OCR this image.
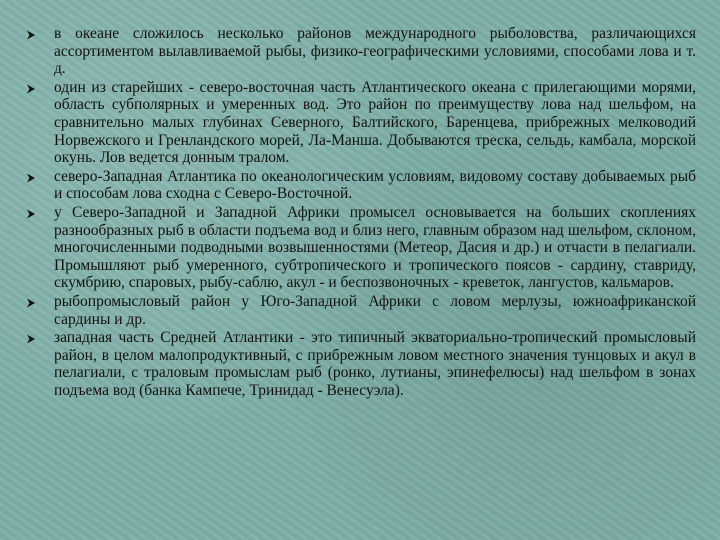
в океане сложилось несколько районов международного рыболовства, различающихся ассортиментом вылавливаемой рыбы, физико-географическими условиями, способами лова и т. д.
один из старейших - северо-восточная часть Атлантического океана с прилегающими морями, область субполярных и умеренных вод. Это район по преимуществу лова над шельфом, на сравнительно малых глубинах Северного, Балтийского, Баренцева, прибрежных мелководий Норвежского и Гренландского морей, Ла-Манша. Добываются треска, сельдь, камбала, морской окунь. Лов ведется донным тралом.
северо-Западная Атлантика по океанологическим условиям, видовому составу добываемых рыб и способам лова сходна с Северо-Восточной.
у Северо-Западной и Западной Африки промысел основывается на больших скоплениях разнообразных рыб в области подъема вод и близ него, главным образом над шельфом, склоном, многочисленными подводными возвышенностями (Метеор, Дасия и др.) и отчасти в пелагиали. Промышляют рыб умеренного, субтропического и тропического поясов - сардину, ставриду, скумбрию, спаровых, рыбу-саблю, акул - и беспозвоночных - креветок, лангустов, кальмаров.
рыбопромысловый район у Юго-Западной Африки с ловом мерлузы, южноафриканской сардины и др.
западная часть Средней Атлантики - это типичный экваториально-тропический промысловый район, в целом малопродуктивный, с прибрежным ловом местного значения тунцовых и акул в пелагиали, с траловым промыслам рыб (ронко, лутианы, эпинефелюсы) над шельфом в зонах подъема вод (банка Кампече, Тринидад - Венесуэла).
